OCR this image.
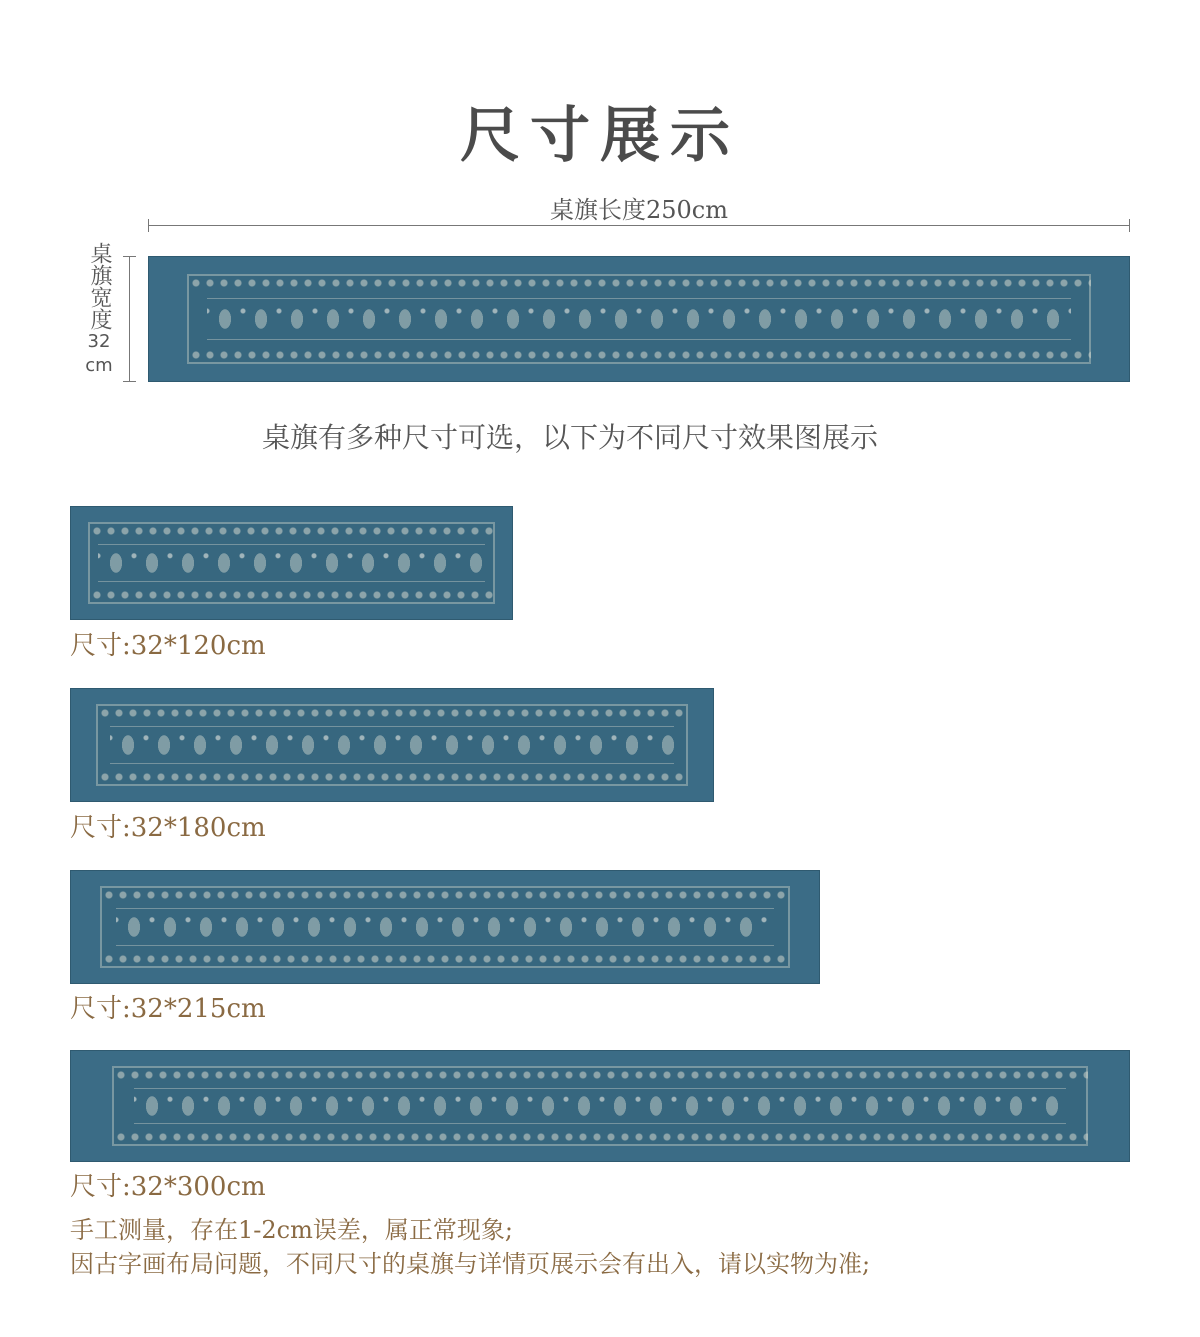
尺寸展示
桌旗长度250cm
桌旗宽度
32
cm
桌旗有多种尺寸可选，以下为不同尺寸效果图展示
尺寸:32*120cm
尺寸:32*180cm
尺寸:32*215cm
尺寸:32*300cm
手工测量，存在1-2cm误差，属正常现象;
因古字画布局问题，不同尺寸的桌旗与详情页展示会有出入，请以实物为准;
